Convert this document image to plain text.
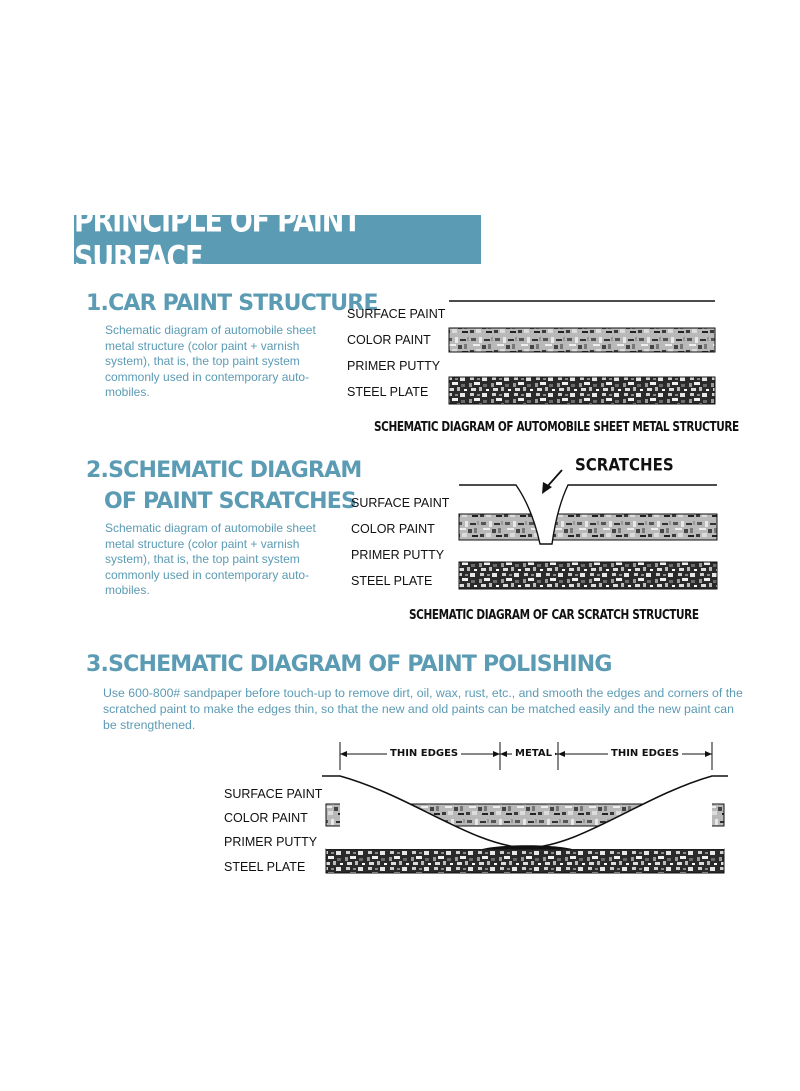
PRINCIPLE OF PAINT SURFACE
1.CAR PAINT STRUCTURE
Schematic diagram of automobile sheet metal structure (color paint + varnish system), that is, the top paint system commonly used in contemporary auto-mobiles.
SURFACE PAINT
COLOR PAINT
PRIMER PUTTY
STEEL PLATE
SCHEMATIC DIAGRAM OF AUTOMOBILE SHEET METAL STRUCTURE
2.SCHEMATIC DIAGRAM
OF PAINT SCRATCHES
Schematic diagram of automobile sheet metal structure (color paint + varnish system), that is, the top paint system commonly used in contemporary auto-mobiles.
SURFACE PAINT
COLOR PAINT
PRIMER PUTTY
STEEL PLATE
SCRATCHES
SCHEMATIC DIAGRAM OF CAR SCRATCH STRUCTURE
3.SCHEMATIC DIAGRAM OF PAINT POLISHING
Use 600-800# sandpaper before touch-up to remove dirt, oil, wax, rust, etc., and smooth the edges and corners of the scratched paint to make the edges thin, so that the new and old paints can be matched easily and the new paint can be strengthened.
SURFACE PAINT
COLOR PAINT
PRIMER PUTTY
STEEL PLATE
THIN EDGES	METAL	THIN EDGES
